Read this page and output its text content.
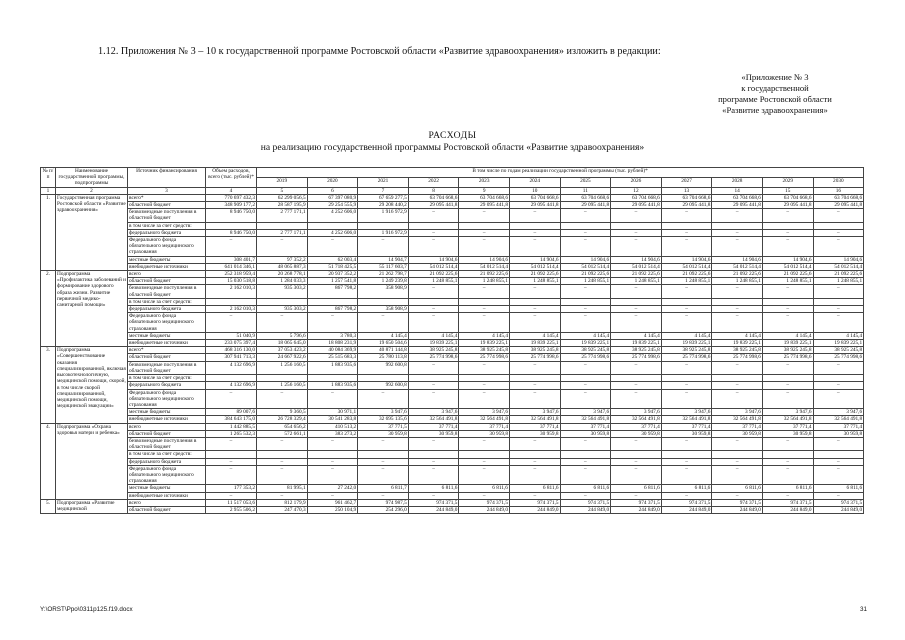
1.12. Приложения № 3 – 10 к государственной программе Ростовской области «Развитие здравоохранения» изложить в редакции:
«Приложение № 3
к государственной
программе Ростовской области
«Развитие здравоохранения»
РАСХОДЫ
на реализацию государственной программы Ростовской области «Развитие здравоохранения»
№ п/п	Наименование государственной программы, подпрограммы	Источник финансирования	Объем расходов, всего (тыс. рублей)*	В том числе по годам реализации государственной программы (тыс. рублей)*											
				2019	2020	2021	2022	2023	2024	2025	2026	2027	2028	2029	2030
1	2	3	4	5	6	7	8	9	10	11	12	13	14	15	16
1.	Государственная программа Ростовской области «Развитие здравоохранения»	всего*	770 697 432,3	62 299 056,5	67 397 080,9	67 659 277,5	63 704 668,6	63 704 668,6	63 704 668,6	63 704 668,6	63 704 668,6	63 704 668,6	63 704 668,6	63 704 668,6	63 704 668,6
		областной бюджет	348 909 177,2	28 587 195,9	29 254 555,9	29 208 440,2	29 095 441,8	29 095 441,8	29 095 441,8	29 095 441,8	29 095 441,8	29 095 441,8	29 095 441,8	29 095 441,8	29 095 441,8
		безвозмездные поступления в областной бюджет	8 946 750,0	2 777 171,1	4 252 606,0	1 916 972,9	–	–	–	–	–	–	–	–	–
		в том числе за счет средств:													
		федерального бюджета	8 946 750,0	2 777 171,1	4 252 606,0	1 916 972,9	–	–	–	–	–	–	–	–	–
		Федерального фонда обязательного медицинского страхования	–	–	–	–	–	–	–	–	–	–	–	–	–
		местные бюджеты	308 401,7	97 352,2	62 003,4	14 904,7	14 904,6	14 904,6	14 904,6	14 904,6	14 904,6	14 904,6	14 904,6	14 904,6	14 904,6
		внебюджетные источники	641 014 346,1	48 065 887,3	51 718 425,5	55 117 603,7	54 012 514,4	54 012 514,4	54 012 514,4	54 012 514,4	54 012 514,4	54 012 514,4	54 012 514,4	54 012 514,4	54 012 514,4
2.	Подпрограмма «Профилактика заболеваний и формирование здорового образа жизни. Развитие первичной медико-санитарной помощи»	всего	252 318 959,4	20 268 778,1	20 937 352,2	21 262 798,7	21 092 225,6	21 092 225,6	21 092 225,6	21 092 225,6	21 092 225,6	21 092 225,6	21 092 225,6	21 092 225,6	21 092 225,6
		областной бюджет	15 030 518,8	1 284 033,3	1 257 541,8	1 249 239,8	1 248 855,1	1 248 855,1	1 248 855,1	1 248 855,1	1 248 855,1	1 248 855,1	1 248 855,1	1 248 855,1	1 248 855,1
		безвозмездные поступления в областной бюджет	2 162 010,3	935 303,2	867 798,2	358 908,9	–	–	–	–	–	–	–	–	–
		в том числе за счет средств:													
		федерального бюджета	2 162 010,3	935 303,2	867 798,2	358 908,9	–	–	–	–	–	–	–	–	–
		Федерального фонда обязательного медицинского страхования	–	–	–	–	–	–	–	–	–	–	–	–	–
		местные бюджеты	51 040,9	5 796,6	3 780,3	4 145,4	4 145,4	4 145,4	4 145,4	4 145,4	4 145,4	4 145,4	4 145,4	4 145,4	4 145,4
		внебюджетные источники	233 075 397,4	18 065 645,0	18 808 231,9	19 650 504,6	19 839 225,1	19 839 225,1	19 839 225,1	19 839 225,1	19 839 225,1	19 839 225,1	19 839 225,1	19 839 225,1	19 839 225,1
3.	Подпрограмма «Совершенствование оказания специализированной, включая высокотехнологичную, медицинской помощи, скорой, в том числе скорой специализированной, медицинской помощи, медицинской эвакуации»	всего*	468 316 130,0	37 053 423,2	40 084 369,9	40 871 144,8	38 925 245,8	38 925 245,8	38 925 245,8	38 925 245,8	38 925 245,8	38 925 245,8	38 925 245,8	38 925 245,8	38 925 245,8
		областной бюджет	307 941 713,3	24 667 922,6	25 515 683,3	25 780 113,8	25 774 998,6	25 774 998,6	25 774 998,6	25 774 998,6	25 774 998,6	25 774 998,6	25 774 998,6	25 774 998,6	25 774 998,6
		безвозмездные поступления в областной бюджет	4 132 696,9	1 256 160,5	1 883 935,6	992 600,8	–	–	–	–	–	–	–	–	–
		в том числе за счет средств:													
		федерального бюджета	4 132 696,9	1 256 160,5	1 883 935,6	992 600,8	–	–	–	–	–	–	–	–	–
		Федерального фонда обязательного медицинского страхования	–	–	–	–	–	–	–	–	–	–	–	–	–
		местные бюджеты	89 007,6	9 360,5	30 971,1	3 947,6	3 947,6	3 947,6	3 947,6	3 947,6	3 947,6	3 947,6	3 947,6	3 947,6	3 947,6
		внебюджетные источники	384 643 175,0	26 728 329,4	30 541 283,8	32 695 135,6	32 564 491,8	32 564 491,8	32 564 491,8	32 564 491,8	32 564 491,8	32 564 491,8	32 564 491,8	32 564 491,8	32 564 491,8
4.	Подпрограмма «Охрана здоровья матери и ребенка»	всего	1 442 885,5	654 656,2	410 513,2	37 771,5	37 771,4	37 771,4	37 771,4	37 771,4	37 771,4	37 771,4	37 771,4	37 771,4	37 771,4
		областной бюджет	1 265 532,3	572 661,1	383 273,2	30 959,8	30 959,8	30 959,8	30 959,8	30 959,8	30 959,8	30 959,8	30 959,8	30 959,8	30 959,8
		безвозмездные поступления в областной бюджет	–	–	–	–	–	–	–	–	–	–	–	–	–
		в том числе за счет средств:													
		федерального бюджета	–	–	–	–	–	–	–	–	–	–	–	–	–
		Федерального фонда обязательного медицинского страхования	–	–	–	–	–	–	–	–	–	–	–	–	–
		местные бюджеты	177 353,2	81 995,1	27 242,0	6 811,7	6 811,6	6 811,6	6 811,6	6 811,6	6 811,6	6 811,6	6 811,6	6 811,6	6 811,6
		внебюджетные источники	–	–	–	–	–	–	–	–	–	–	–	–	–
5.	Подпрограмма «Развитие медицинской	всего	11 517 053,6	812 179,9	961 462,7	974 987,5	974 371,5	974 371,5	974 371,5	974 371,5	974 371,5	974 371,5	974 371,5	974 371,5	974 371,5
		областной бюджет	2 955 506,2	247 470,3	250 104,9	254 296,0	244 849,0	244 849,0	244 849,0	244 849,0	244 849,0	244 849,0	244 849,0	244 849,0	244 849,0
Y:\ORST\Ppo\0311p125.f19.docx	31
